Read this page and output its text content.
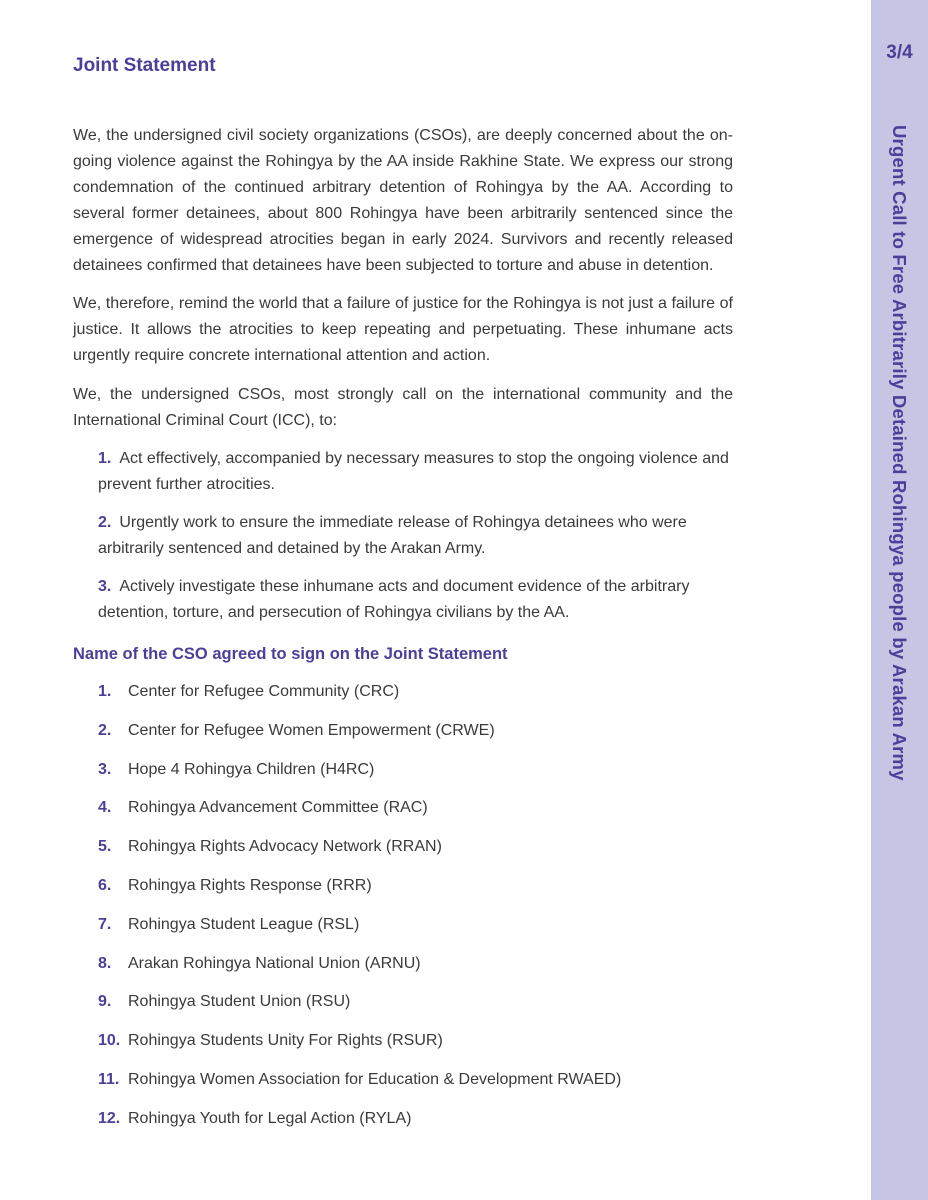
Joint Statement

We, the undersigned civil society organizations (CSOs), are deeply concerned about the on-going violence against the Rohingya by the AA inside Rakhine State. We express our strong condemnation of the continued arbitrary detention of Rohingya by the AA. According to several former detainees, about 800 Rohingya have been arbitrarily sentenced since the emergence of widespread atrocities began in early 2024. Survivors and recently released detainees confirmed that detainees have been subjected to torture and abuse in detention.

We, therefore, remind the world that a failure of justice for the Rohingya is not just a failure of justice. It allows the atrocities to keep repeating and perpetuating. These inhumane acts urgently require concrete international attention and action.

We, the undersigned CSOs, most strongly call on the international community and the International Criminal Court (ICC), to:

1. Act effectively, accompanied by necessary measures to stop the ongoing violence and prevent further atrocities.

2. Urgently work to ensure the immediate release of Rohingya detainees who were arbitrarily sentenced and detained by the Arakan Army.

3. Actively investigate these inhumane acts and document evidence of the arbitrary detention, torture, and persecution of Rohingya civilians by the AA.

Name of the CSO agreed to sign on the Joint Statement
1. Center for Refugee Community (CRC)
2. Center for Refugee Women Empowerment (CRWE)
3. Hope 4 Rohingya Children (H4RC)
4. Rohingya Advancement Committee (RAC)
5. Rohingya Rights Advocacy Network (RRAN)
6. Rohingya Rights Response (RRR)
7. Rohingya Student League (RSL)
8. Arakan Rohingya National Union (ARNU)
9. Rohingya Student Union (RSU)
10. Rohingya Students Unity For Rights (RSUR)
11. Rohingya Women Association for Education & Development RWAED)
12. Rohingya Youth for Legal Action (RYLA)
3/4
Urgent Call to Free Arbitrarily Detained Rohingya people by Arakan Army
